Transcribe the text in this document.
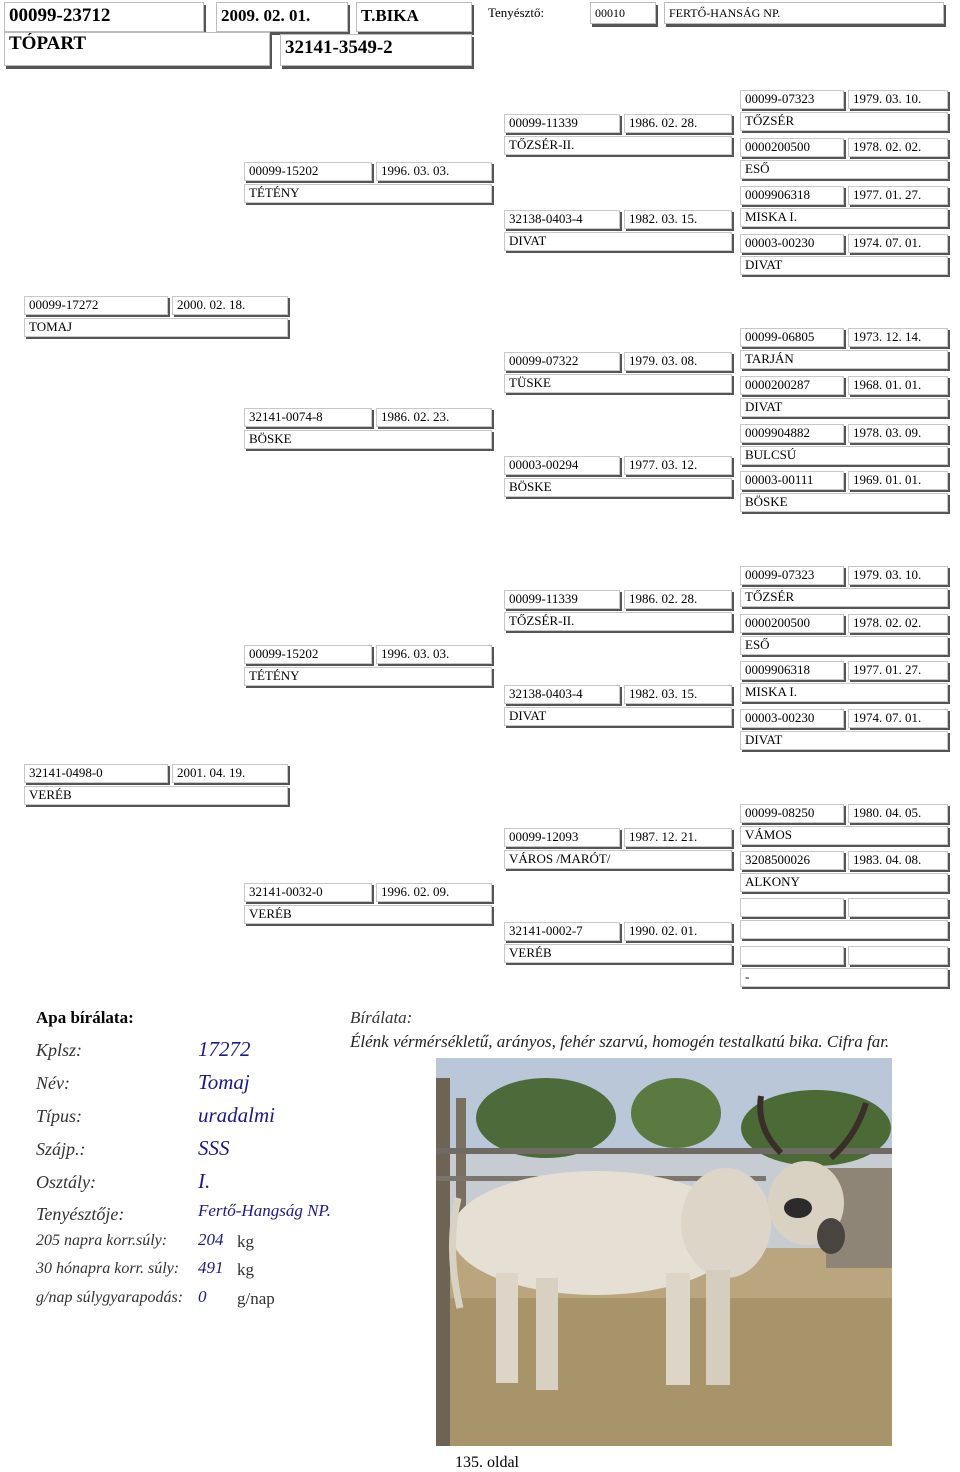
00099-23712	2009. 02. 01.	T.BIKA	Tenyésztő:	00010	FERTŐ-HANSÁG NP.
TÓPART	32141-3549-2
00099-17272	2000. 02. 18.
TOMAJ
00099-15202	1996. 03. 03.
TÉTÉNY
32141-0074-8	1986. 02. 23.
BÖSKE
00099-11339	1986. 02. 28.
TŐZSÉR-II.
32138-0403-4	1982. 03. 15.
DIVAT
00099-07322	1979. 03. 08.
TÜSKE
00003-00294	1977. 03. 12.
BÖSKE
00099-07323	1979. 03. 10.
TŐZSÉR
0000200500	1978. 02. 02.
ESŐ
0009906318	1977. 01. 27.
MISKA I.
00003-00230	1974. 07. 01.
DIVAT
00099-06805	1973. 12. 14.
TARJÁN
0000200287	1968. 01. 01.
DIVAT
0009904882	1978. 03. 09.
BULCSÚ
00003-00111	1969. 01. 01.
BÖSKE
32141-0498-0	2001. 04. 19.
VERÉB
00099-15202	1996. 03. 03.
TÉTÉNY
32141-0032-0	1996. 02. 09.
VERÉB
00099-11339	1986. 02. 28.
TŐZSÉR-II.
32138-0403-4	1982. 03. 15.
DIVAT
00099-12093	1987. 12. 21.
VÁROS /MARÓT/
32141-0002-7	1990. 02. 01.
VERÉB
00099-07323	1979. 03. 10.
TŐZSÉR
0000200500	1978. 02. 02.
ESŐ
0009906318	1977. 01. 27.
MISKA I.
00003-00230	1974. 07. 01.
DIVAT
00099-08250	1980. 04. 05.
VÁMOS
3208500026	1983. 04. 08.
ALKONY
-
Apa bírálata:
Kplsz:	17272
Név:	Tomaj
Típus:	uradalmi
Szájp.:	SSS
Osztály:	I.
Tenyésztője:	Fertő-Hangság NP.
205 napra korr.súly: 204 kg
30 hónapra korr. súly: 491 kg
g/nap súlygyarapodás: 0 g/nap
Bírálata:
Élénk vérmérsékletű, arányos, fehér szarvú, homogén testalkatú bika. Cifra far.
135. oldal
